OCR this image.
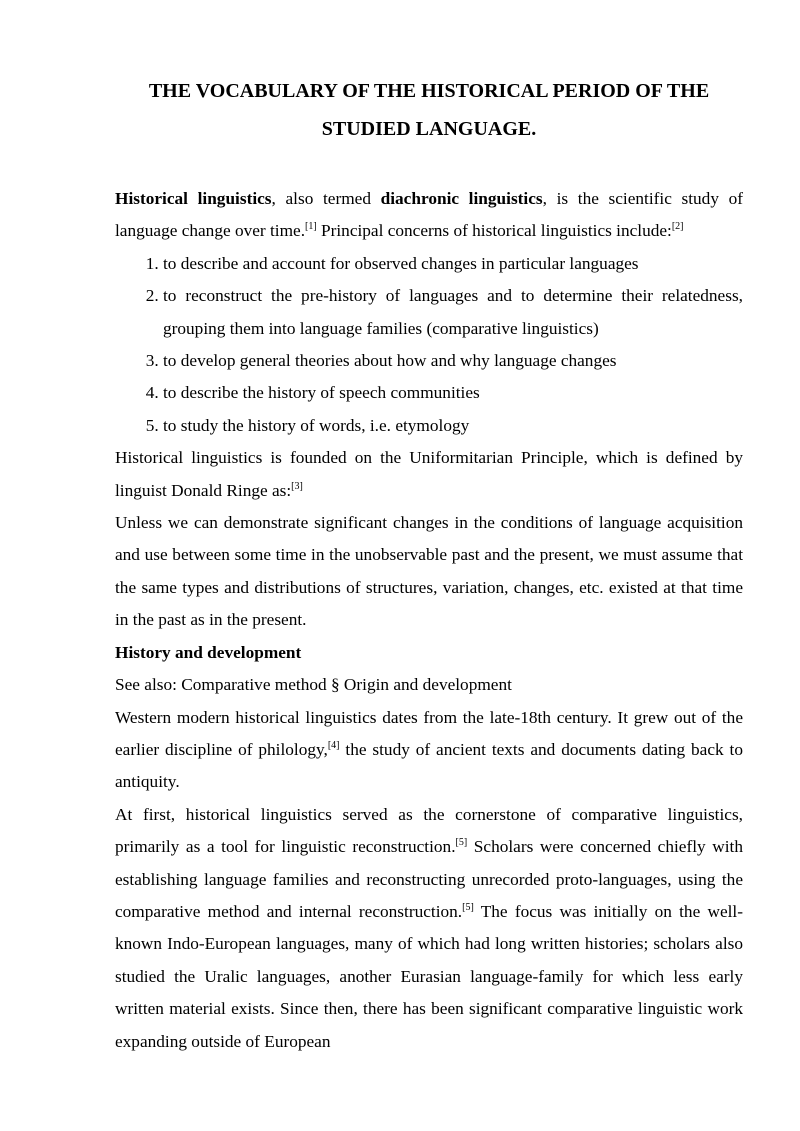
THE VOCABULARY OF THE HISTORICAL PERIOD OF THE
STUDIED LANGUAGE.

Historical linguistics, also termed diachronic linguistics, is the scientific study of language change over time.[1] Principal concerns of historical linguistics include:[2]

1. to describe and account for observed changes in particular languages
2. to reconstruct the pre-history of languages and to determine their relatedness, grouping them into language families (comparative linguistics)
3. to develop general theories about how and why language changes
4. to describe the history of speech communities
5. to study the history of words, i.e. etymology

Historical linguistics is founded on the Uniformitarian Principle, which is defined by linguist Donald Ringe as:[3]

Unless we can demonstrate significant changes in the conditions of language acquisition and use between some time in the unobservable past and the present, we must assume that the same types and distributions of structures, variation, changes, etc. existed at that time in the past as in the present.

History and development

See also: Comparative method § Origin and development

Western modern historical linguistics dates from the late-18th century. It grew out of the earlier discipline of philology,[4] the study of ancient texts and documents dating back to antiquity.

At first, historical linguistics served as the cornerstone of comparative linguistics, primarily as a tool for linguistic reconstruction.[5] Scholars were concerned chiefly with establishing language families and reconstructing unrecorded proto-languages, using the comparative method and internal reconstruction.[5] The focus was initially on the well-known Indo-European languages, many of which had long written histories; scholars also studied the Uralic languages, another Eurasian language-family for which less early written material exists. Since then, there has been significant comparative linguistic work expanding outside of European
